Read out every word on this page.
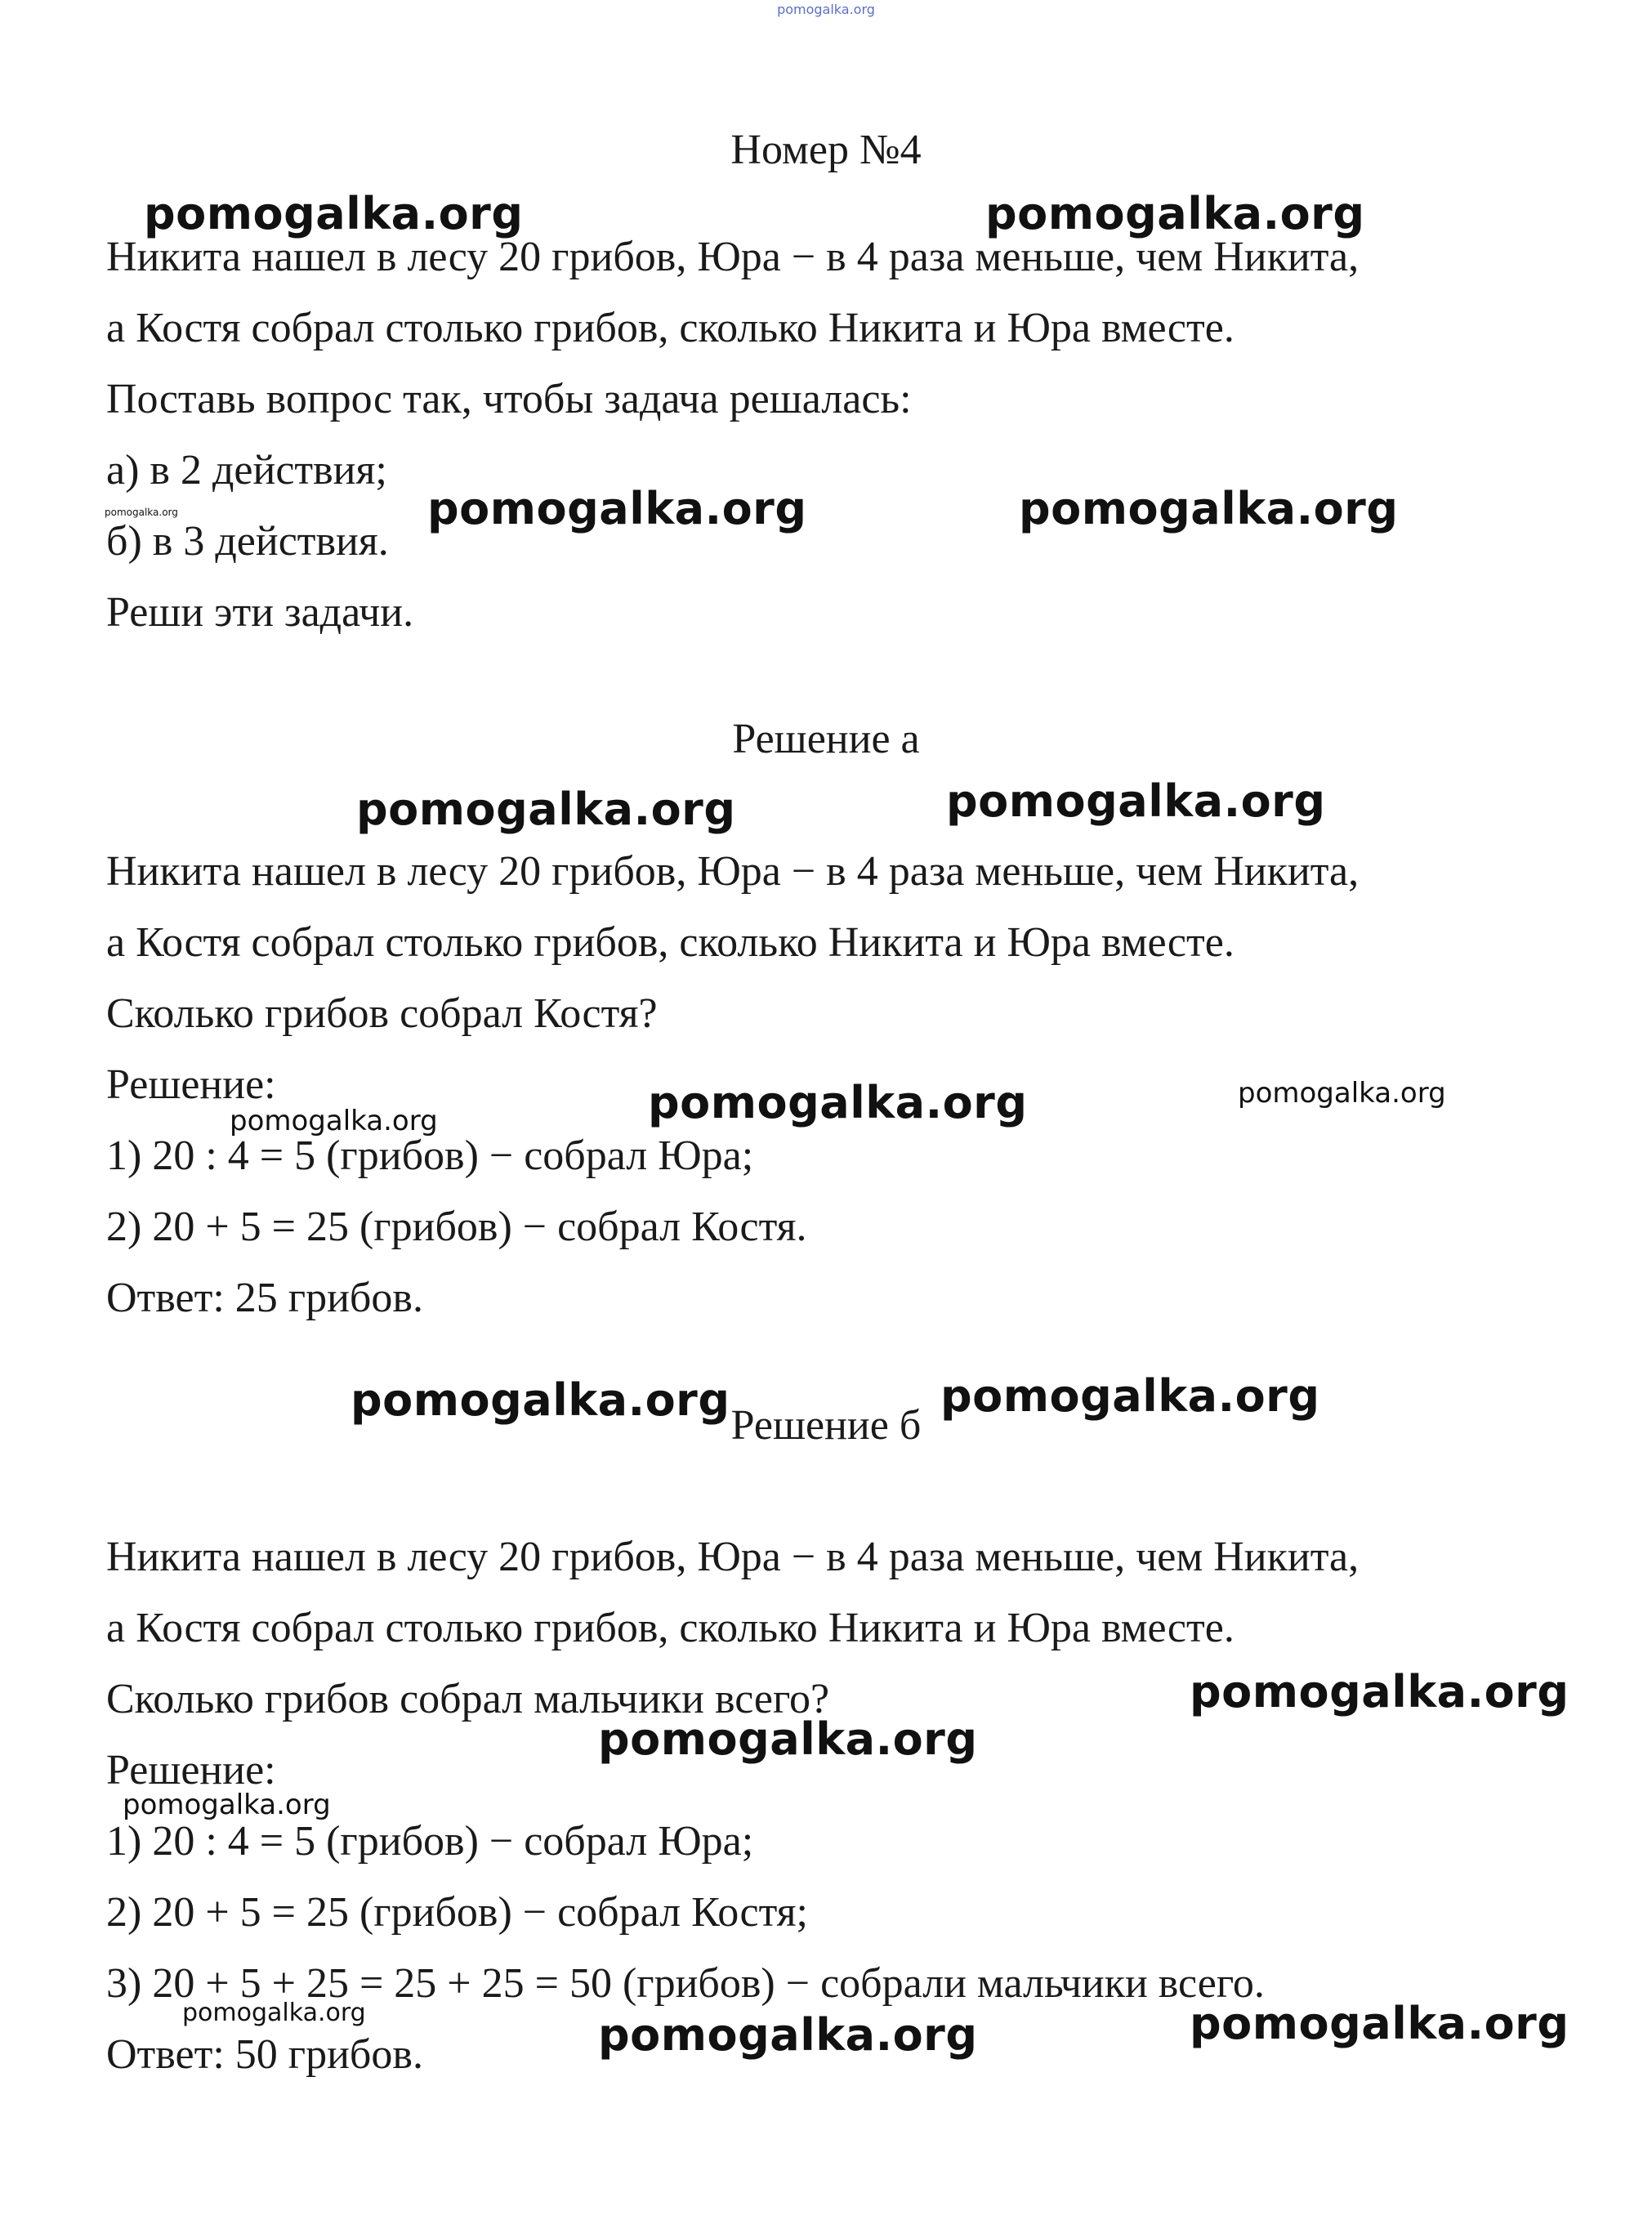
pomogalka.org
Номер №4
Никита нашел в лесу 20 грибов, Юра − в 4 раза меньше, чем Никита,
а Костя собрал столько грибов, сколько Никита и Юра вместе.
Поставь вопрос так, чтобы задача решалась:
а) в 2 действия;
б) в 3 действия.
Реши эти задачи.
Решение а
Никита нашел в лесу 20 грибов, Юра − в 4 раза меньше, чем Никита,
а Костя собрал столько грибов, сколько Никита и Юра вместе.
Сколько грибов собрал Костя?
Решение:
1) 20 : 4 = 5 (грибов) − собрал Юра;
2) 20 + 5 = 25 (грибов) − собрал Костя.
Ответ: 25 грибов.
Решение б
Никита нашел в лесу 20 грибов, Юра − в 4 раза меньше, чем Никита,
а Костя собрал столько грибов, сколько Никита и Юра вместе.
Сколько грибов собрал мальчики всего?
Решение:
1) 20 : 4 = 5 (грибов) − собрал Юра;
2) 20 + 5 = 25 (грибов) − собрал Костя;
3) 20 + 5 + 25 = 25 + 25 = 50 (грибов) − собрали мальчики всего.
Ответ: 50 грибов.
pomogalka.org	pomogalka.org
pomogalka.org	pomogalka.org	pomogalka.org
pomogalka.org	pomogalka.org
pomogalka.org	pomogalka.org	pomogalka.org
pomogalka.org	pomogalka.org
pomogalka.org
pomogalka.org
pomogalka.org
pomogalka.org	pomogalka.org	pomogalka.org
